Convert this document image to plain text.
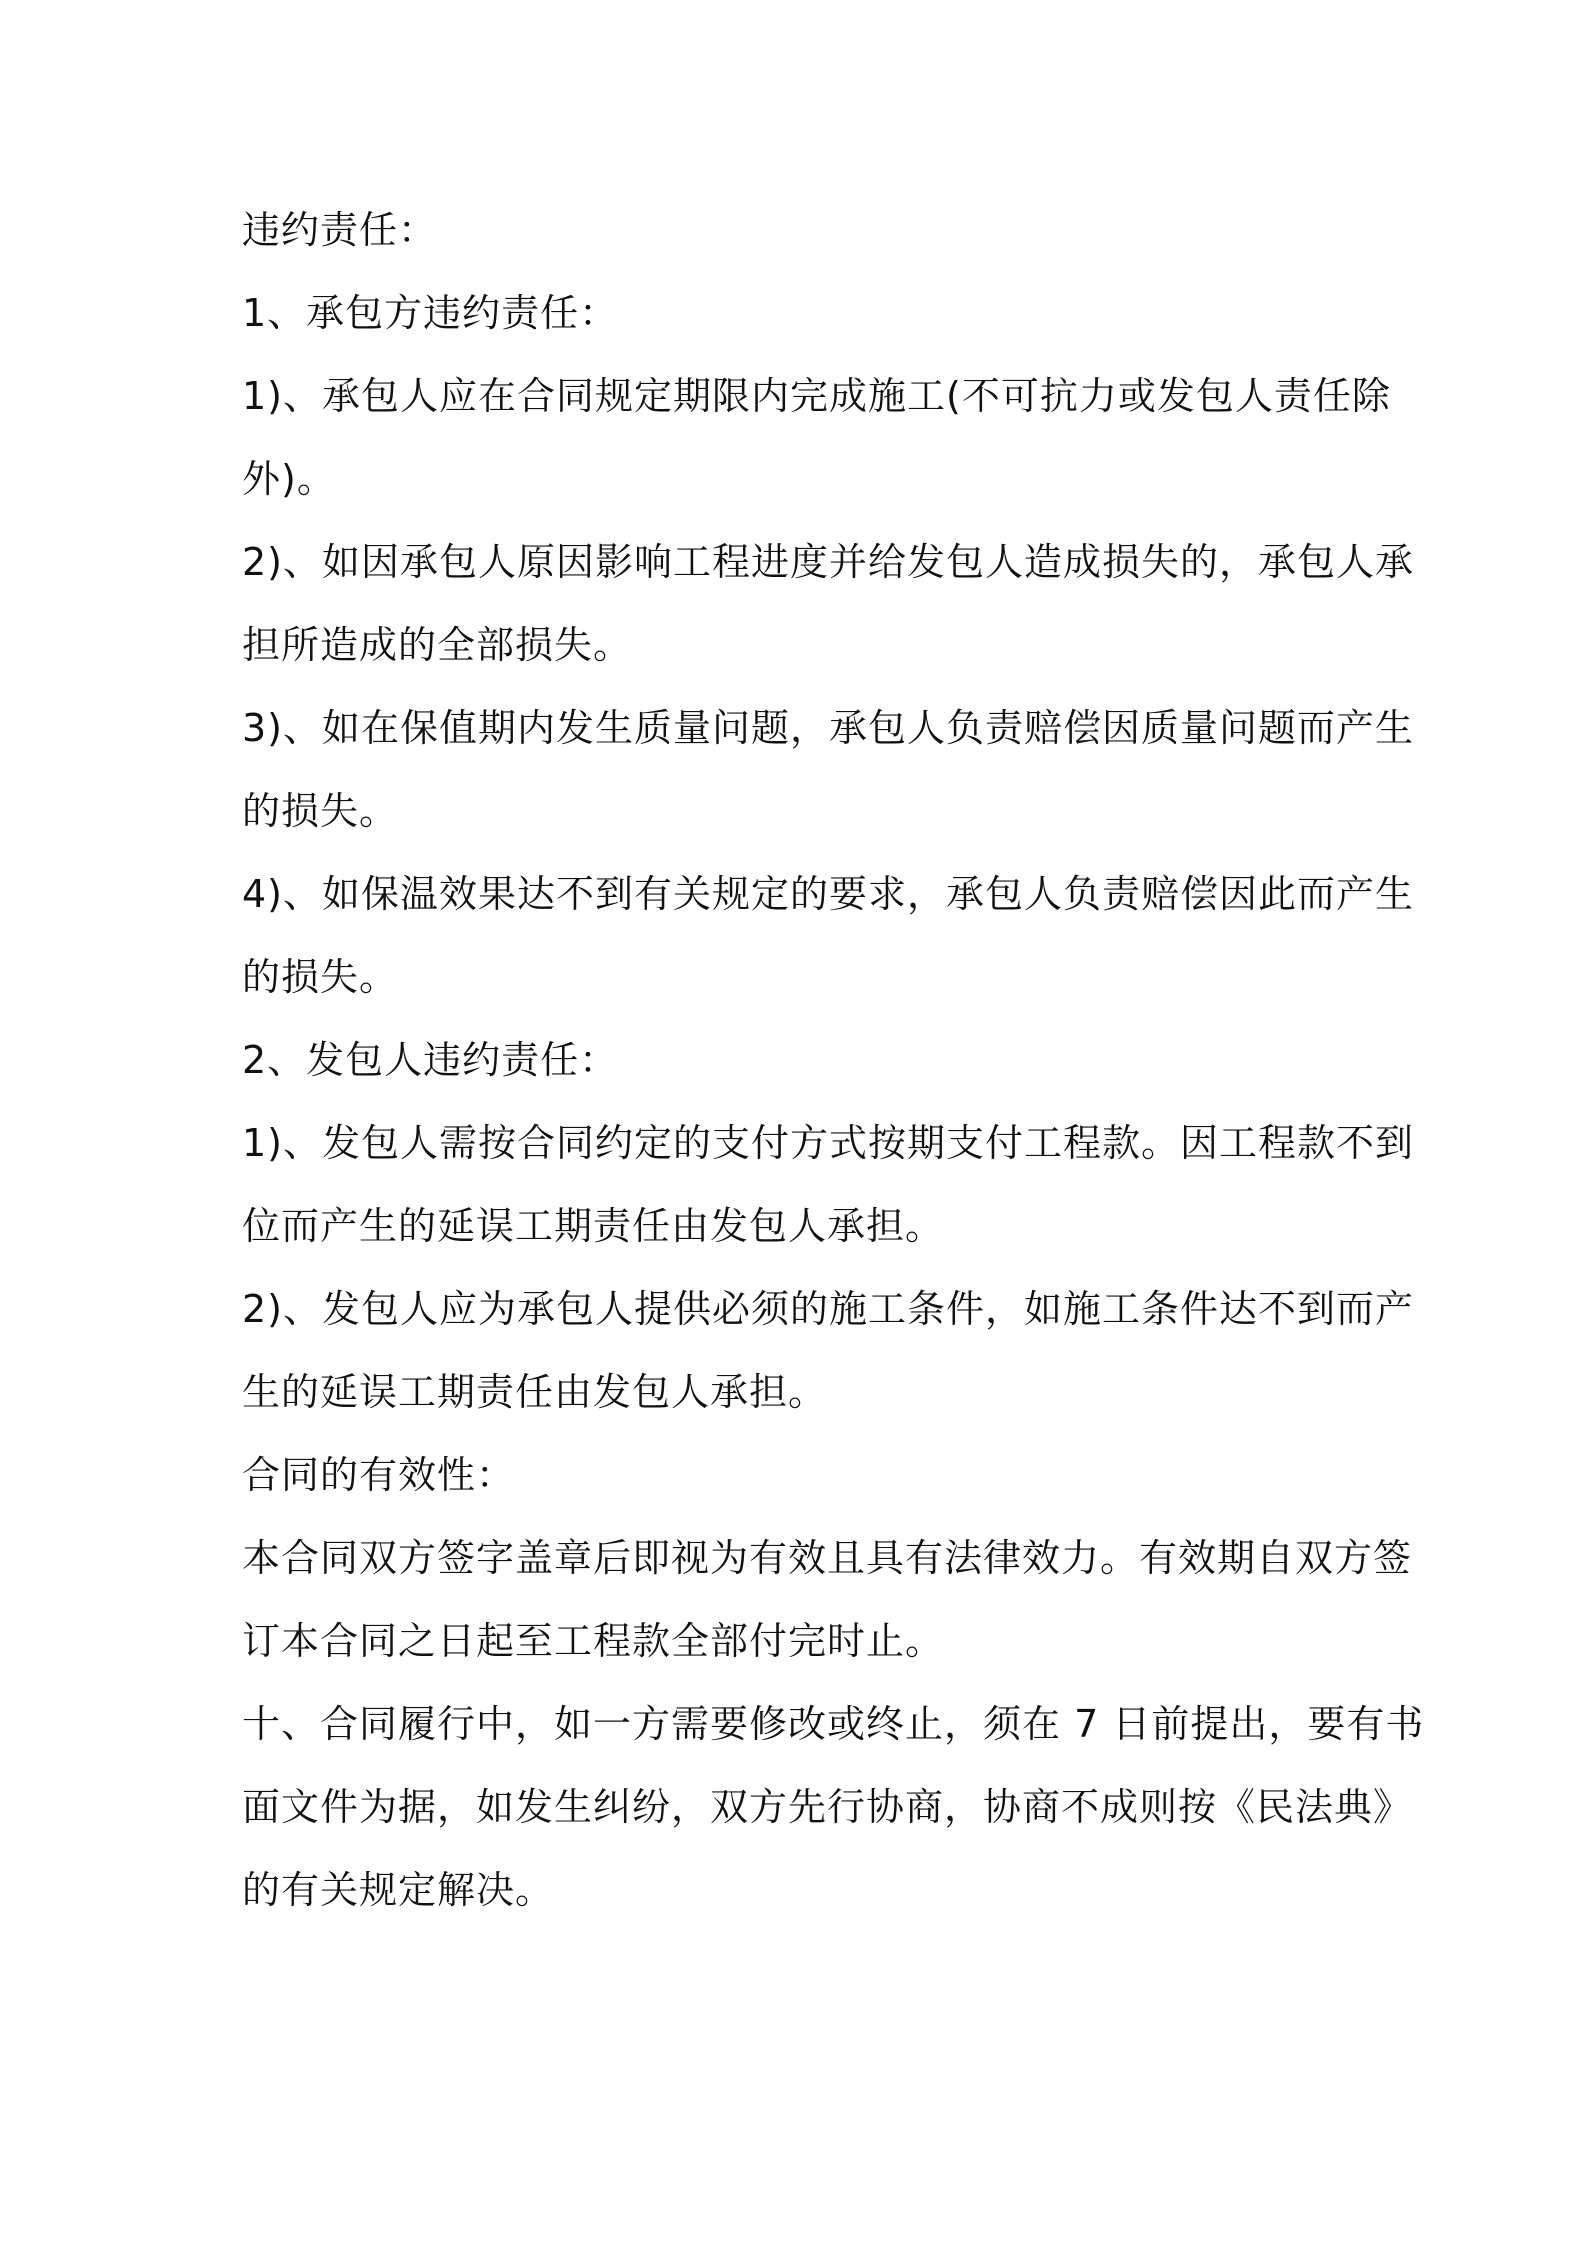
违约责任：
1、承包方违约责任：
1)、承包人应在合同规定期限内完成施工(不可抗力或发包人责任除
外)。
2)、如因承包人原因影响工程进度并给发包人造成损失的，承包人承
担所造成的全部损失。
3)、如在保值期内发生质量问题，承包人负责赔偿因质量问题而产生
的损失。
4)、如保温效果达不到有关规定的要求，承包人负责赔偿因此而产生
的损失。
2、发包人违约责任：
1)、发包人需按合同约定的支付方式按期支付工程款。因工程款不到
位而产生的延误工期责任由发包人承担。
2)、发包人应为承包人提供必须的施工条件，如施工条件达不到而产
生的延误工期责任由发包人承担。
合同的有效性：
本合同双方签字盖章后即视为有效且具有法律效力。有效期自双方签
订本合同之日起至工程款全部付完时止。
十、合同履行中，如一方需要修改或终止，须在 7 日前提出，要有书
面文件为据，如发生纠纷，双方先行协商，协商不成则按《民法典》
的有关规定解决。
